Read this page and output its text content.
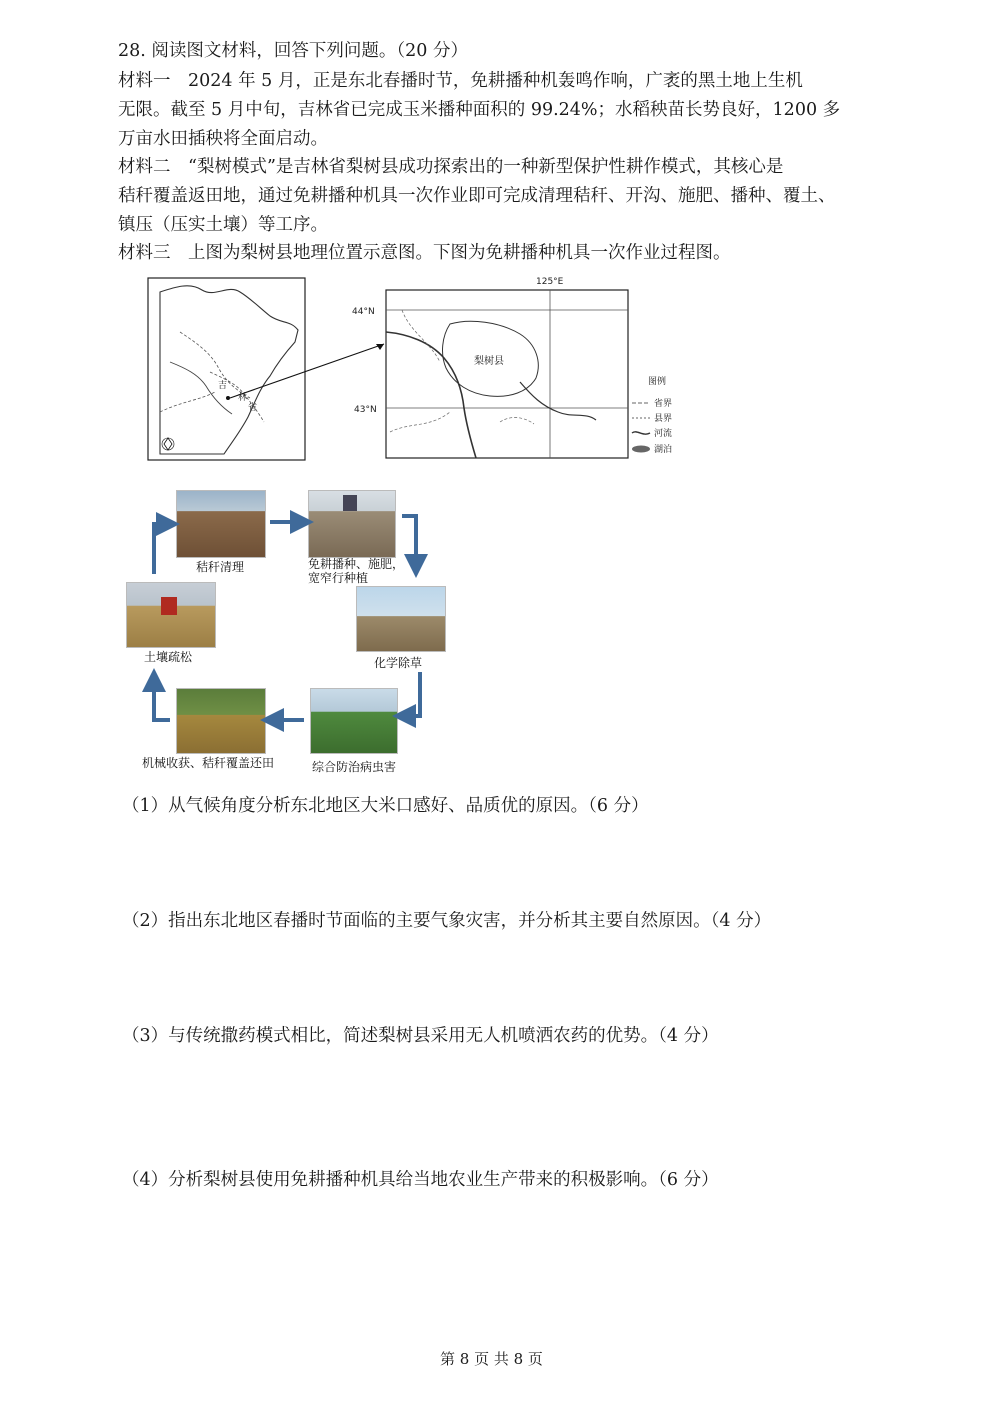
28. 阅读图文材料，回答下列问题。（20 分）
材料一　2024 年 5 月，正是东北春播时节，免耕播种机轰鸣作响，广袤的黑土地上生机
无限。截至 5 月中旬，吉林省已完成玉米播种面积的 99.24%；水稻秧苗长势良好，1200 多
万亩水田插秧将全面启动。
材料二　“梨树模式”是吉林省梨树县成功探索出的一种新型保护性耕作模式，其核心是
秸秆覆盖返田地，通过免耕播种机具一次作业即可完成清理秸秆、开沟、施肥、播种、覆土、
镇压（压实土壤）等工序。
材料三　上图为梨树县地理位置示意图。下图为免耕播种机具一次作业过程图。
吉
林
省
125°E
44°N
43°N
梨树县
图例
省界
县界
河流
湖泊
秸秆清理	免耕播种、施肥，
宽窄行种植
化学除草
综合防治病虫害
机械收获、秸秆覆盖还田
土壤疏松
（1）从气候角度分析东北地区大米口感好、品质优的原因。（6 分）
（2）指出东北地区春播时节面临的主要气象灾害，并分析其主要自然原因。（4 分）
（3）与传统撒药模式相比，简述梨树县采用无人机喷洒农药的优势。（4 分）
（4）分析梨树县使用免耕播种机具给当地农业生产带来的积极影响。（6 分）
第 8 页 共 8 页
